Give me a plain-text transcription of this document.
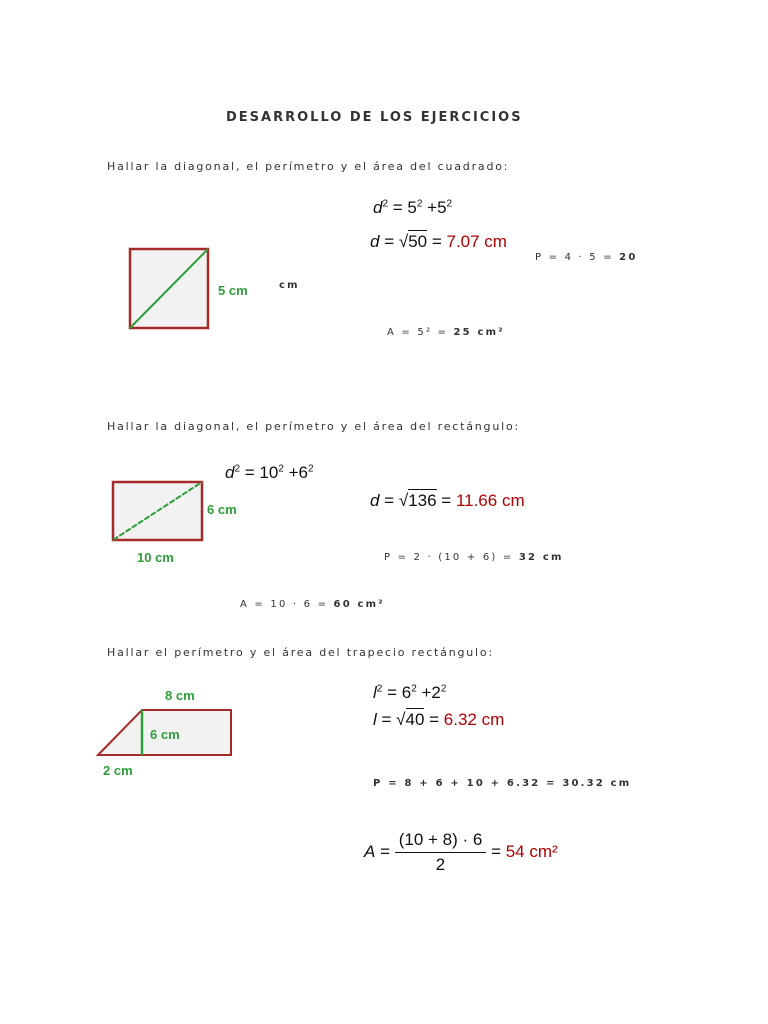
DESARROLLO DE LOS EJERCICIOS
Hallar la diagonal, el perímetro y el área del cuadrado:
$d^2 = 5^2 +5^2$
d = √50 = 7.07 cm
5 cm	cm
P = 4 · 5 = 20
A = 5² = 25 cm²
Hallar la diagonal, el perímetro y el área del rectángulo:
$d^2 = 10^2 +6^2$
d = √136 = 11.66 cm
6 cm
10 cm	P = 2 · (10 + 6) = 32 cm
A = 10 · 6 = 60 cm²
Hallar el perímetro y el área del trapecio rectángulo:
8 cm
6 cm
2 cm
$l^2 = 6^2 +2^2$
l = √40 = 6.32 cm
P = 8 + 6 + 10 + 6.32 = 30.32 cm
$A = \frac{(10 + 8) \cdot 6}{2} = 54$ cm²
